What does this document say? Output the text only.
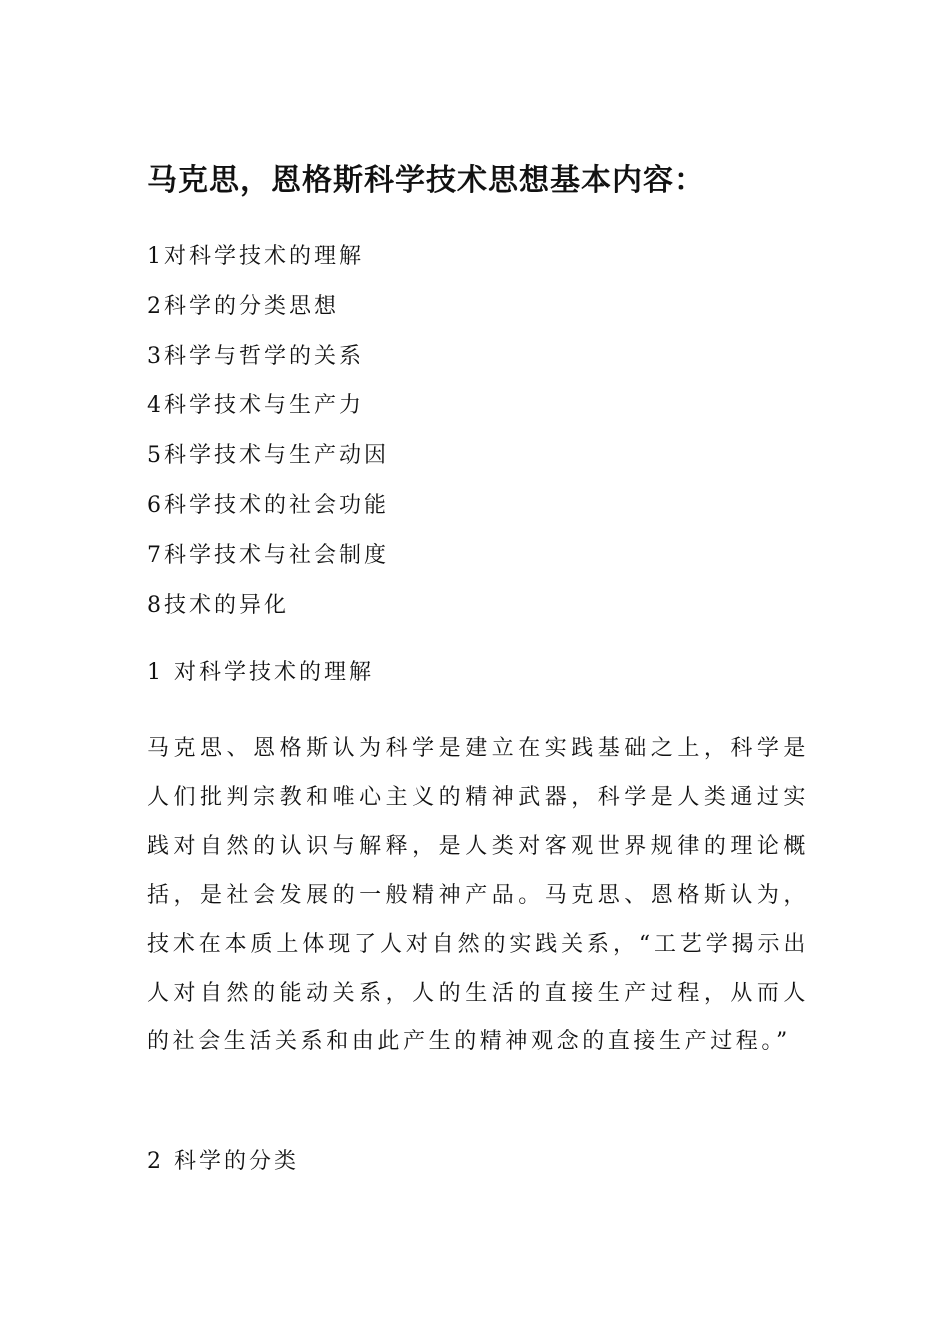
马克思，恩格斯科学技术思想基本内容：
1对科学技术的理解
2科学的分类思想
3科学与哲学的关系
4科学技术与生产力
5科学技术与生产动因
6科学技术的社会功能
7科学技术与社会制度
8技术的异化
1 对科学技术的理解

马克思、恩格斯认为科学是建立在实践基础之上，科学是人们批判宗教和唯心主义的精神武器，科学是人类通过实践对自然的认识与解释，是人类对客观世界规律的理论概括，是社会发展的一般精神产品。马克思、恩格斯认为，技术在本质上体现了人对自然的实践关系，“工艺学揭示出人对自然的能动关系，人的生活的直接生产过程，从而人的社会生活关系和由此产生的精神观念的直接生产过程。”

2 科学的分类
